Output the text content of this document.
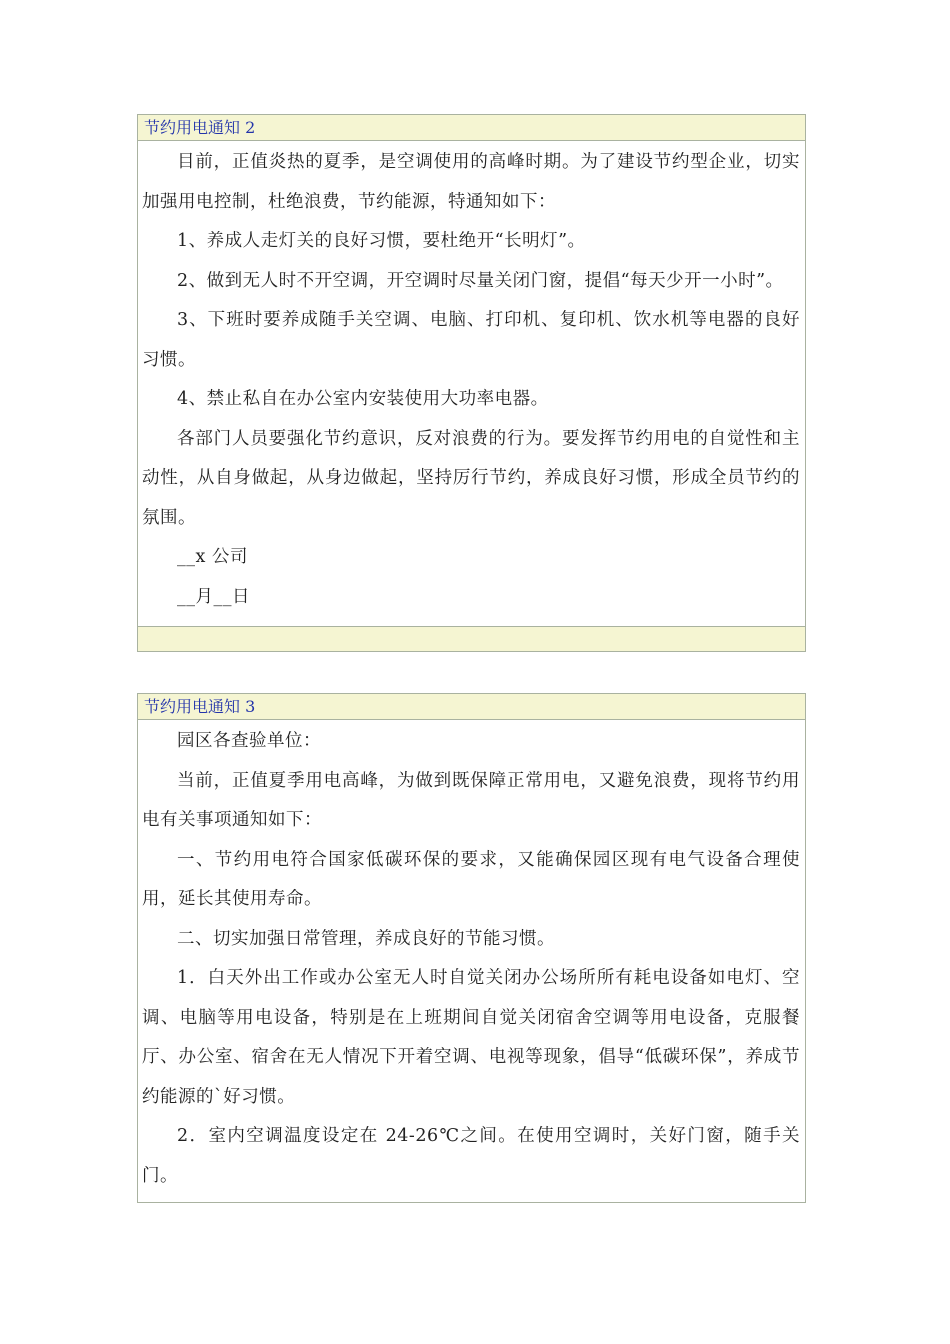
节约用电通知 2

目前，正值炎热的夏季，是空调使用的高峰时期。为了建设节约型企业，切实加强用电控制，杜绝浪费，节约能源，特通知如下：

1、养成人走灯关的良好习惯，要杜绝开“长明灯”。

2、做到无人时不开空调，开空调时尽量关闭门窗，提倡“每天少开一小时”。

3、下班时要养成随手关空调、电脑、打印机、复印机、饮水机等电器的良好习惯。

4、禁止私自在办公室内安装使用大功率电器。

各部门人员要强化节约意识，反对浪费的行为。要发挥节约用电的自觉性和主动性，从自身做起，从身边做起，坚持厉行节约，养成良好习惯，形成全员节约的氛围。

__x 公司

__月__日

节约用电通知 3

园区各查验单位：

当前，正值夏季用电高峰，为做到既保障正常用电，又避免浪费，现将节约用电有关事项通知如下：

一、节约用电符合国家低碳环保的要求，又能确保园区现有电气设备合理使用，延长其使用寿命。

二、切实加强日常管理，养成良好的节能习惯。

1．白天外出工作或办公室无人时自觉关闭办公场所所有耗电设备如电灯、空调、电脑等用电设备，特别是在上班期间自觉关闭宿舍空调等用电设备，克服餐厅、办公室、宿舍在无人情况下开着空调、电视等现象，倡导“低碳环保”，养成节约能源的`好习惯。

2．室内空调温度设定在 24-26℃之间。在使用空调时，关好门窗，随手关门。
